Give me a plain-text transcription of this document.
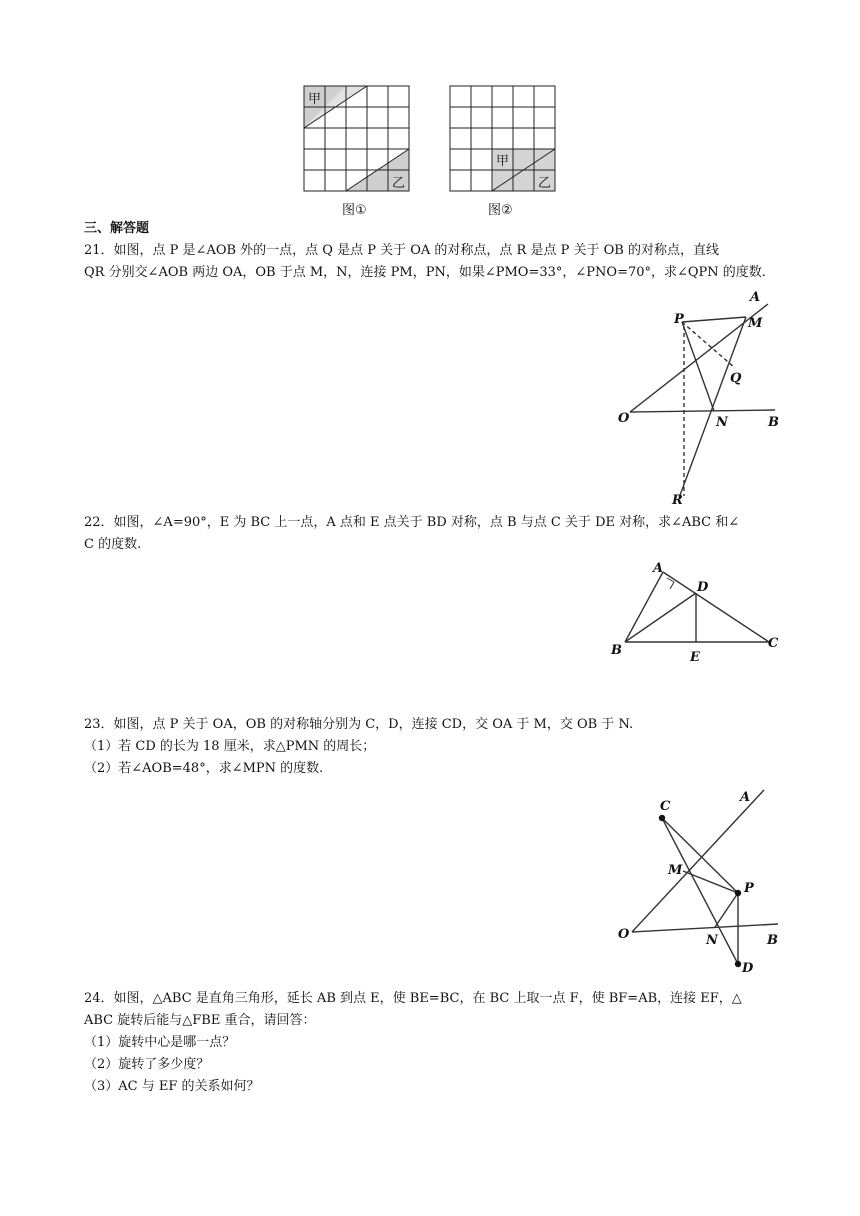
甲
乙
图①
甲
乙
图②
三、解答题
21．如图，点 P 是∠AOB 外的一点，点 Q 是点 P 关于 OA 的对称点，点 R 是点 P 关于 OB 的对称点，直线
QR 分别交∠AOB 两边 OA，OB 于点 M，N，连接 PM，PN，如果∠PMO=33°，∠PNO=70°，求∠QPN 的度数.
A
P	M
Q
O	N	B
R
22．如图，∠A=90°，E 为 BC 上一点，A 点和 E 点关于 BD 对称，点 B 与点 C 关于 DE 对称，求∠ABC 和∠
C 的度数.
A
D
B	E
C
23．如图，点 P 关于 OA，OB 的对称轴分别为 C，D，连接 CD，交 OA 于 M，交 OB 于 N.
（1）若 CD 的长为 18 厘米，求△PMN 的周长；
（2）若∠AOB=48°，求∠MPN 的度数.
C
A
M
P
O	N	B
D
24．如图，△ABC 是直角三角形，延长 AB 到点 E，使 BE=BC，在 BC 上取一点 F，使 BF=AB，连接 EF，△
ABC 旋转后能与△FBE 重合，请回答：
（1）旋转中心是哪一点？
（2）旋转了多少度？
（3）AC 与 EF 的关系如何？
